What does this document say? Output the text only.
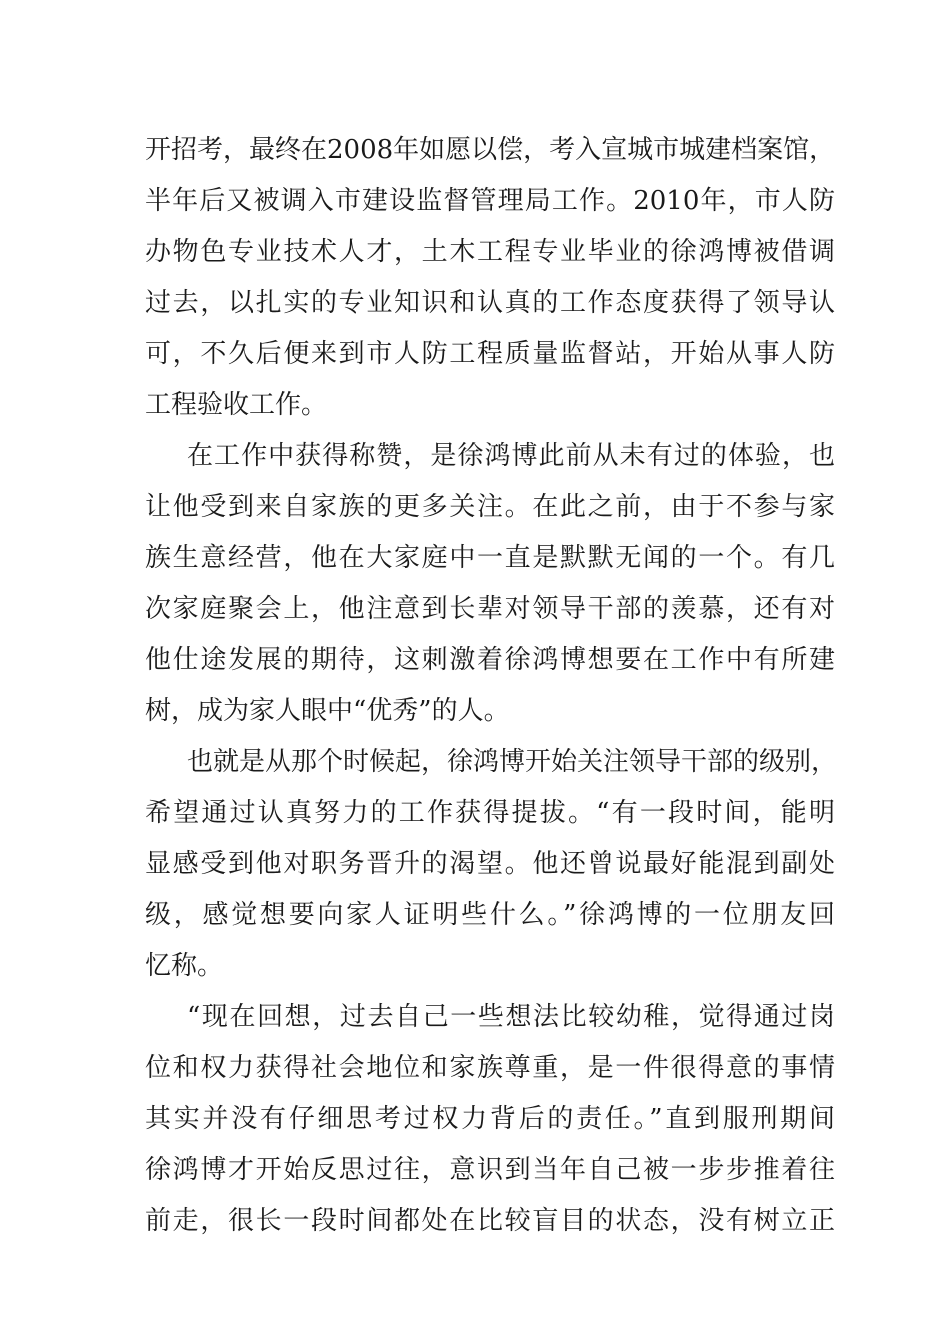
开招考，最终在2008年如愿以偿，考入宣城市城建档案馆，
半年后又被调入市建设监督管理局工作。2010年，市人防
办物色专业技术人才，土木工程专业毕业的徐鸿博被借调
过去，以扎实的专业知识和认真的工作态度获得了领导认
可，不久后便来到市人防工程质量监督站，开始从事人防
工程验收工作。
在工作中获得称赞，是徐鸿博此前从未有过的体验，也
让他受到来自家族的更多关注。在此之前，由于不参与家
族生意经营，他在大家庭中一直是默默无闻的一个。有几
次家庭聚会上，他注意到长辈对领导干部的羡慕，还有对
他仕途发展的期待，这刺激着徐鸿博想要在工作中有所建
树，成为家人眼中“优秀”的人。
也就是从那个时候起，徐鸿博开始关注领导干部的级别，
希望通过认真努力的工作获得提拔。“有一段时间，能明
显感受到他对职务晋升的渴望。他还曾说最好能混到副处
级，感觉想要向家人证明些什么。”徐鸿博的一位朋友回
忆称。
“现在回想，过去自己一些想法比较幼稚，觉得通过岗
位和权力获得社会地位和家族尊重，是一件很得意的事情
其实并没有仔细思考过权力背后的责任。”直到服刑期间
徐鸿博才开始反思过往，意识到当年自己被一步步推着往
前走，很长一段时间都处在比较盲目的状态，没有树立正
